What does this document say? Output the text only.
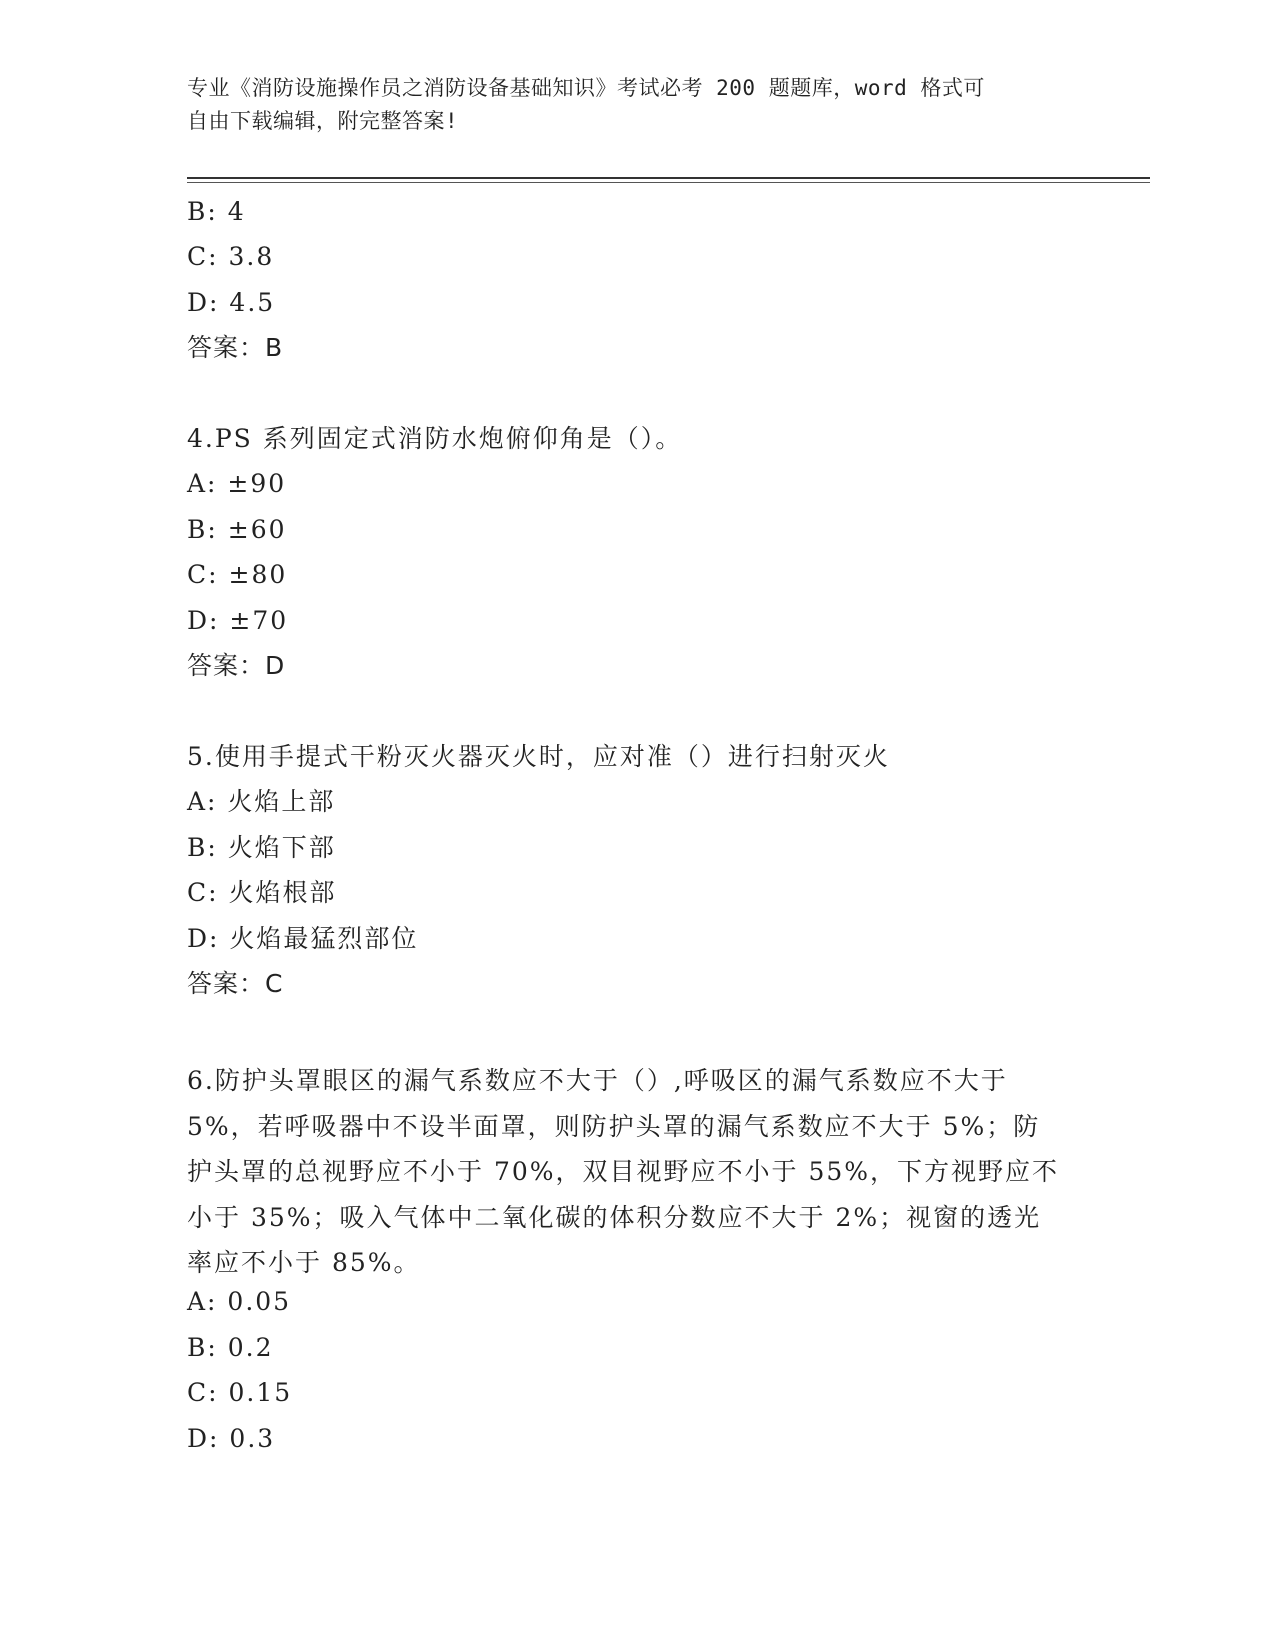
专业《消防设施操作员之消防设备基础知识》考试必考 200 题题库，word 格式可
自由下载编辑，附完整答案!
B: 4
C: 3.8
D: 4.5
答案：B
4.PS 系列固定式消防水炮俯仰角是（）。
A: ±90
B: ±60
C: ±80
D: ±70
答案：D
5.使用手提式干粉灭火器灭火时，应对准（）进行扫射灭火
A: 火焰上部
B: 火焰下部
C: 火焰根部
D: 火焰最猛烈部位
答案：C
6.防护头罩眼区的漏气系数应不大于（）,呼吸区的漏气系数应不大于5%，若呼吸器中不设半面罩，则防护头罩的漏气系数应不大于 5%；防护头罩的总视野应不小于 70%，双目视野应不小于 55%，下方视野应不小于 35%；吸入气体中二氧化碳的体积分数应不大于 2%；视窗的透光率应不小于 85%。
A: 0.05
B: 0.2
C: 0.15
D: 0.3
